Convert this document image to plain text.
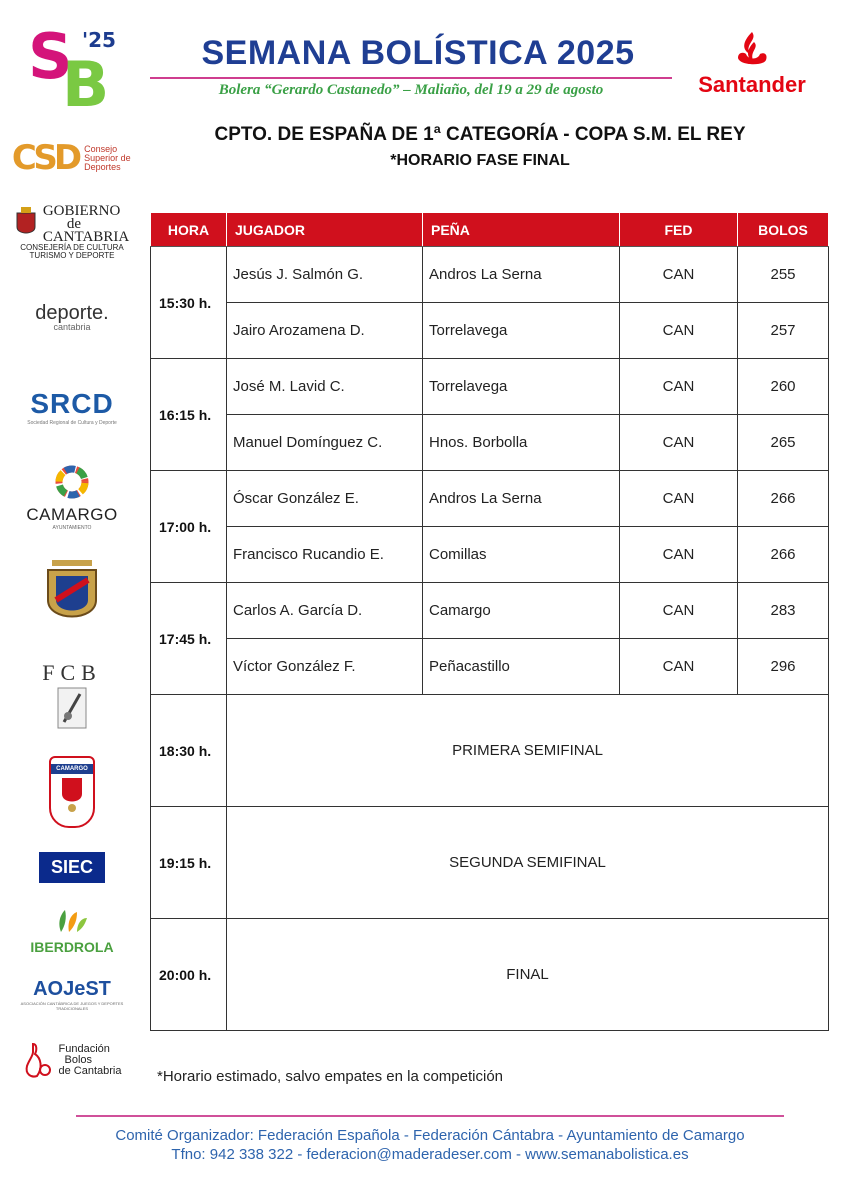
S
B
'25	SEMANA BOLÍSTICA 2025
Bolera “Gerardo Castanedo” – Maliaño, del 19 a 29 de agosto	Santander
CPTO. DE ESPAÑA DE 1ª CATEGORÍA - COPA S.M. EL REY
*HORARIO FASE FINAL
CSD Consejo Superior de Deportes
GOBIERNO
de
CANTABRIA
CONSEJERÍA DE CULTURA
TURISMO Y DEPORTE
deporte.
cantabria
SRCD
Sociedad Regional de Cultura y Deporte
CAMARGO
AYUNTAMIENTO
FCB
CAMARGO
SIEC
IBERDROLA
AOJeST
ASOCIACIÓN CANTÁBRICA DE JUEGOS Y DEPORTES TRADICIONALES
Fundación
Bolos
de Cantabria
HORA	JUGADOR	PEÑA	FED	BOLOS
15:30 h.	Jesús J. Salmón G.	Andros La Serna	CAN	255
	Jairo Arozamena D.	Torrelavega	CAN	257
16:15 h.	José M. Lavid C.	Torrelavega	CAN	260
	Manuel Domínguez C.	Hnos. Borbolla	CAN	265
17:00 h.	Óscar González E.	Andros La Serna	CAN	266
	Francisco Rucandio E.	Comillas	CAN	266
17:45 h.	Carlos A. García D.	Camargo	CAN	283
	Víctor González F.	Peñacastillo	CAN	296
18:30 h.	PRIMERA SEMIFINAL			
19:15 h.	SEGUNDA SEMIFINAL			
20:00 h.	FINAL			
*Horario estimado, salvo empates en la competición
Comité Organizador: Federación Española - Federación Cántabra - Ayuntamiento de Camargo
Tfno: 942 338 322 - federacion@maderadeser.com - www.semanabolistica.es
